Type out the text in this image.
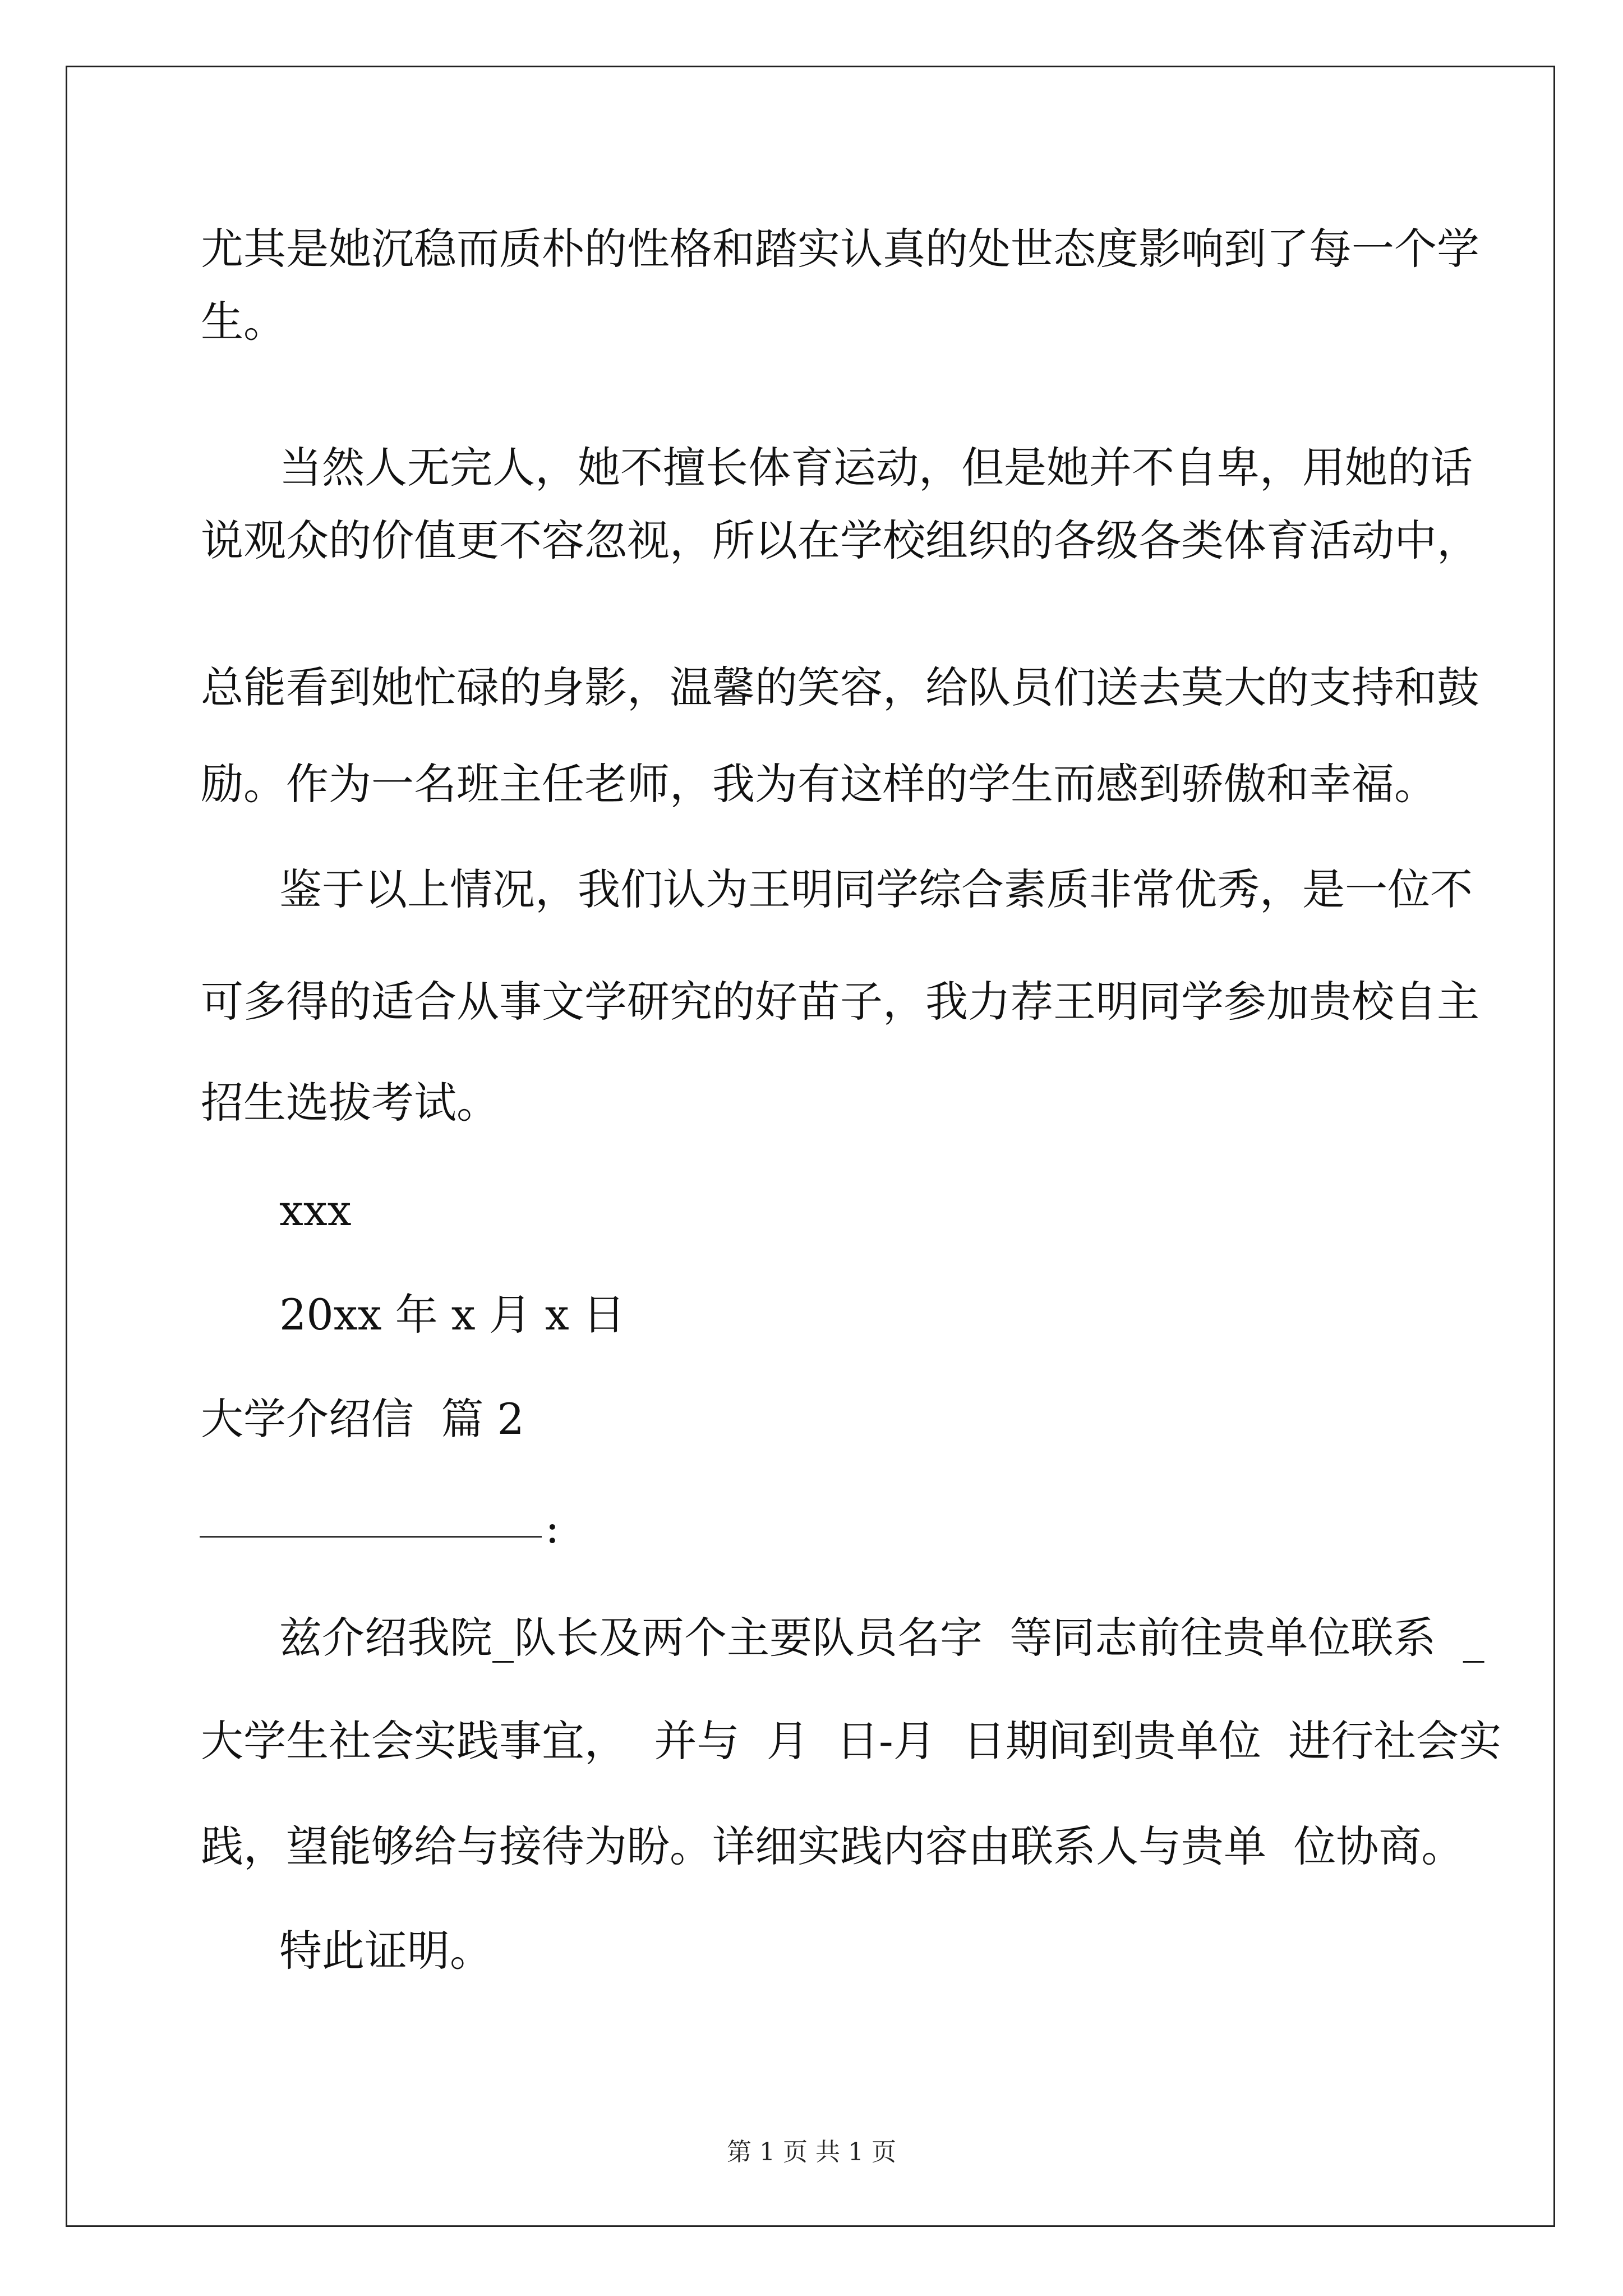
尤其是她沉稳而质朴的性格和踏实认真的处世态度影响到了每一个学
生。
当然人无完人，她不擅长体育运动，但是她并不自卑，用她的话
说观众的价值更不容忽视，所以在学校组织的各级各类体育活动中，
总能看到她忙碌的身影，温馨的笑容，给队员们送去莫大的支持和鼓
励。作为一名班主任老师，我为有这样的学生而感到骄傲和幸福。
鉴于以上情况，我们认为王明同学综合素质非常优秀，是一位不
可多得的适合从事文学研究的好苗子，我力荐王明同学参加贵校自主
招生选拔考试。
xxx
20xx 年 x 月 x 日
大学介绍信  篇 2
:
兹介绍我院_队长及两个主要队员名字  等同志前往贵单位联系  _
大学生社会实践事宜，  并与  月  日-月  日期间到贵单位  进行社会实
践，望能够给与接待为盼。详细实践内容由联系人与贵单  位协商。
特此证明。
第 1 页 共 1 页
